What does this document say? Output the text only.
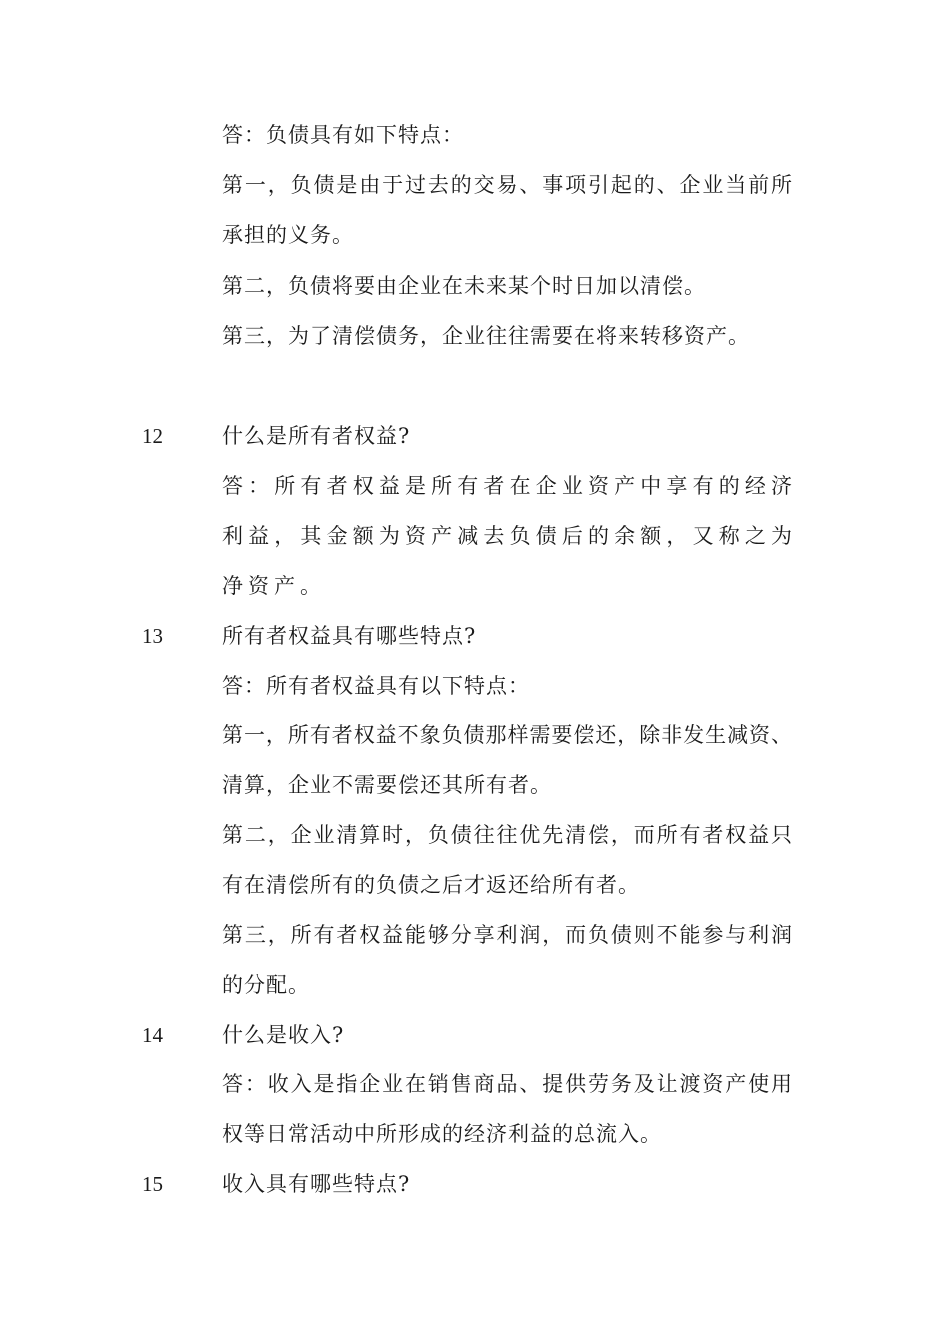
答：负债具有如下特点：
第一，负债是由于过去的交易、事项引起的、企业当前所
承担的义务。
第二，负债将要由企业在未来某个时日加以清偿。
第三，为了清偿债务，企业往往需要在将来转移资产。
12	什么是所有者权益?
答：所有者权益是所有者在企业资产中享有的经济
利益，其金额为资产减去负债后的余额，又称之为
净资产。
13	所有者权益具有哪些特点?
答：所有者权益具有以下特点：
第一，所有者权益不象负债那样需要偿还，除非发生减资、
清算，企业不需要偿还其所有者。
第二，企业清算时，负债往往优先清偿，而所有者权益只
有在清偿所有的负债之后才返还给所有者。
第三，所有者权益能够分享利润，而负债则不能参与利润
的分配。
14	什么是收入?
答：收入是指企业在销售商品、提供劳务及让渡资产使用
权等日常活动中所形成的经济利益的总流入。
15	收入具有哪些特点?
